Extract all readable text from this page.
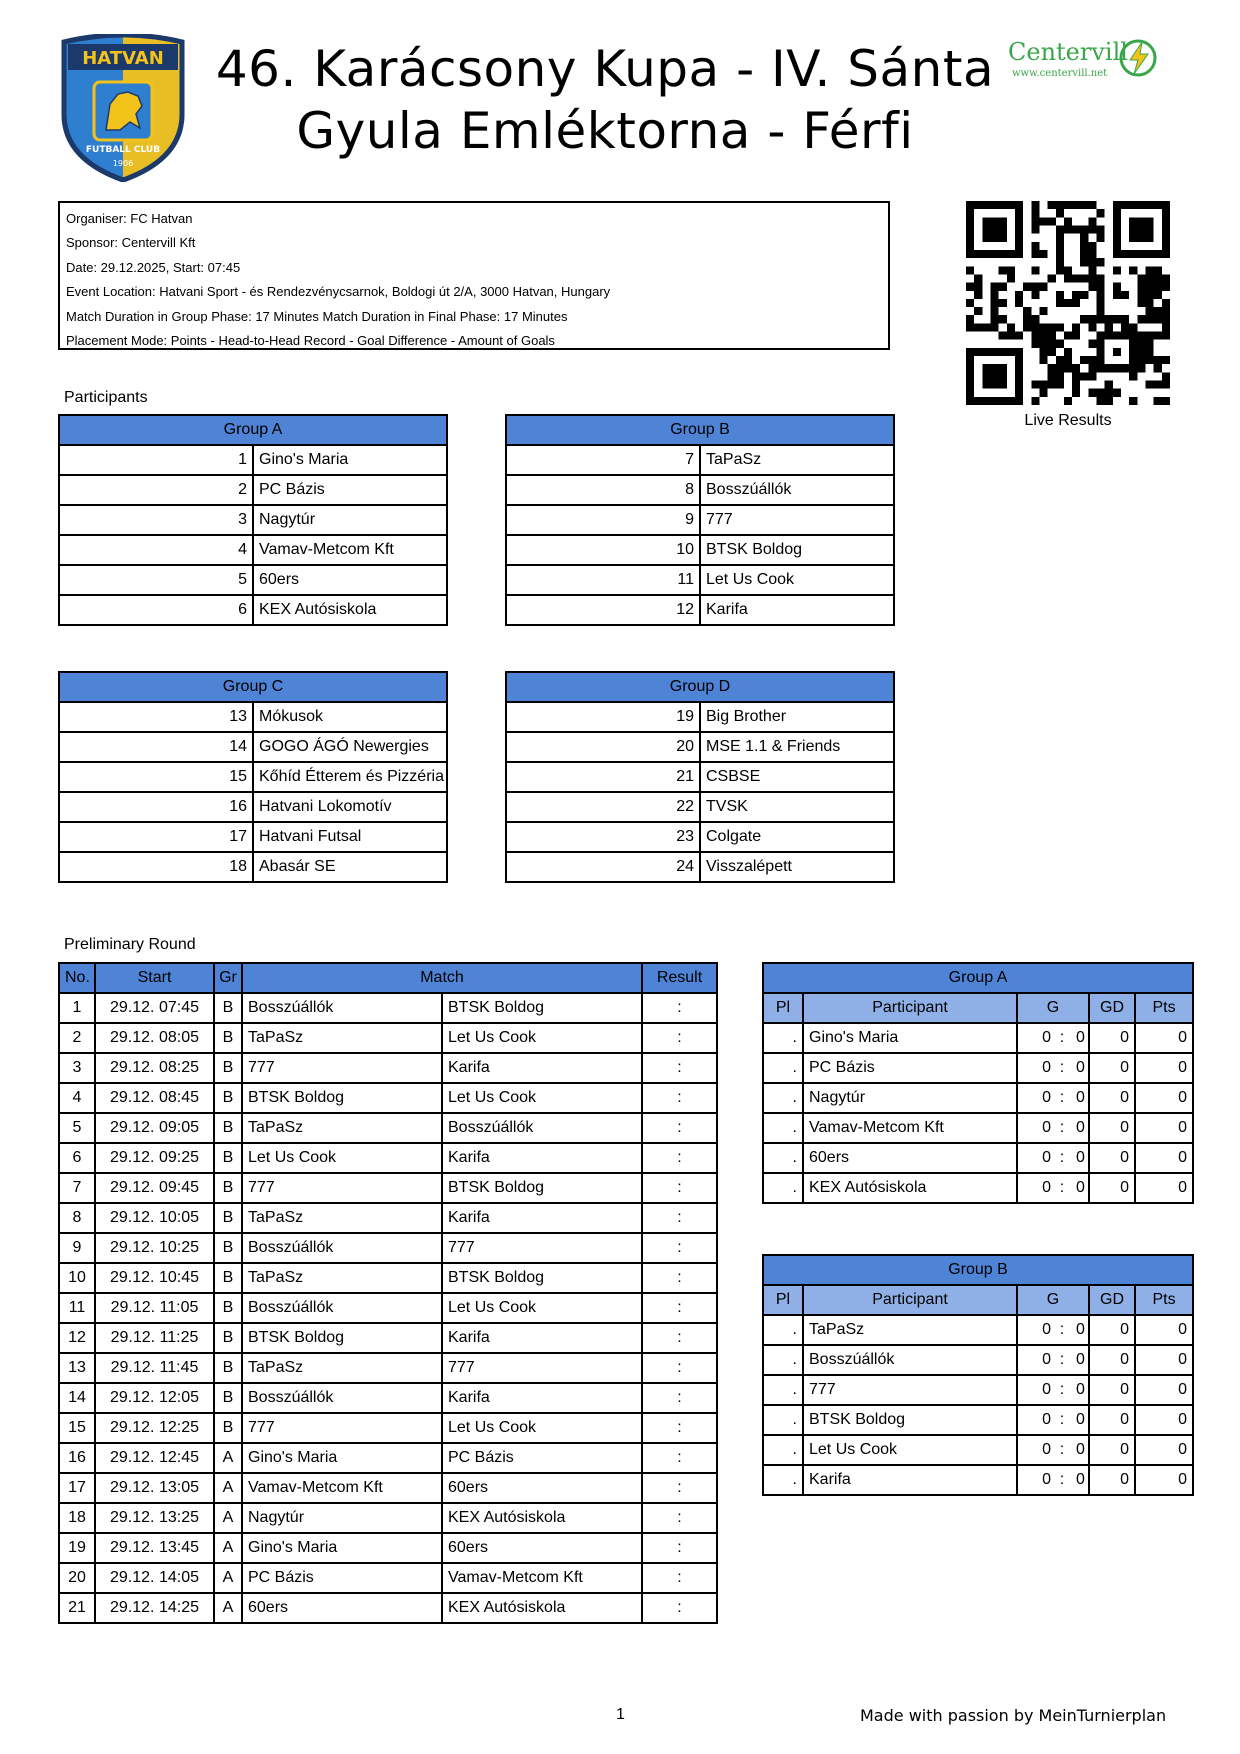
HATVAN
FUTBALL CLUB
1906
46. Karácsony Kupa - IV. Sánta
Gyula Emléktorna - Férfi
Centervill
www.centervill.net
Organiser: FC Hatvan
Sponsor: Centervill Kft
Date: 29.12.2025, Start: 07:45
Event Location: Hatvani Sport - és Rendezvénycsarnok, Boldogi út 2/A, 3000 Hatvan, Hungary
Match Duration in Group Phase: 17 Minutes Match Duration in Final Phase: 17 Minutes
Placement Mode: Points - Head-to-Head Record - Goal Difference - Amount of Goals
Live Results
Participants
Group A	
1	Gino's Maria
2	PC Bázis
3	Nagytúr
4	Vamav-Metcom Kft
5	60ers
6	KEX Autósiskola
Group B	
7	TaPaSz
8	Bosszúállók
9	777
10	BTSK Boldog
11	Let Us Cook
12	Karifa
Group C	
13	Mókusok
14	GOGO ÁGÓ Newergies
15	Kőhíd Étterem és Pizzéria
16	Hatvani Lokomotív
17	Hatvani Futsal
18	Abasár SE
Group D	
19	Big Brother
20	MSE 1.1 & Friends
21	CSBSE
22	TVSK
23	Colgate
24	Visszalépett
Preliminary Round
No.	Start	Gr	Match		Result
1	29.12. 07:45	B	Bosszúállók	BTSK Boldog	:
2	29.12. 08:05	B	TaPaSz	Let Us Cook	:
3	29.12. 08:25	B	777	Karifa	:
4	29.12. 08:45	B	BTSK Boldog	Let Us Cook	:
5	29.12. 09:05	B	TaPaSz	Bosszúállók	:
6	29.12. 09:25	B	Let Us Cook	Karifa	:
7	29.12. 09:45	B	777	BTSK Boldog	:
8	29.12. 10:05	B	TaPaSz	Karifa	:
9	29.12. 10:25	B	Bosszúállók	777	:
10	29.12. 10:45	B	TaPaSz	BTSK Boldog	:
11	29.12. 11:05	B	Bosszúállók	Let Us Cook	:
12	29.12. 11:25	B	BTSK Boldog	Karifa	:
13	29.12. 11:45	B	TaPaSz	777	:
14	29.12. 12:05	B	Bosszúállók	Karifa	:
15	29.12. 12:25	B	777	Let Us Cook	:
16	29.12. 12:45	A	Gino's Maria	PC Bázis	:
17	29.12. 13:05	A	Vamav-Metcom Kft	60ers	:
18	29.12. 13:25	A	Nagytúr	KEX Autósiskola	:
19	29.12. 13:45	A	Gino's Maria	60ers	:
20	29.12. 14:05	A	PC Bázis	Vamav-Metcom Kft	:
21	29.12. 14:25	A	60ers	KEX Autósiskola	:
Group A						
Pl	Participant	G			GD	Pts
.	Gino's Maria	0	:	0	0	0
.	PC Bázis	0	:	0	0	0
.	Nagytúr	0	:	0	0	0
.	Vamav-Metcom Kft	0	:	0	0	0
.	60ers	0	:	0	0	0
.	KEX Autósiskola	0	:	0	0	0
Group B						
Pl	Participant	G			GD	Pts
.	TaPaSz	0	:	0	0	0
.	Bosszúállók	0	:	0	0	0
.	777	0	:	0	0	0
.	BTSK Boldog	0	:	0	0	0
.	Let Us Cook	0	:	0	0	0
.	Karifa	0	:	0	0	0
1	Made with passion by MeinTurnierplan
